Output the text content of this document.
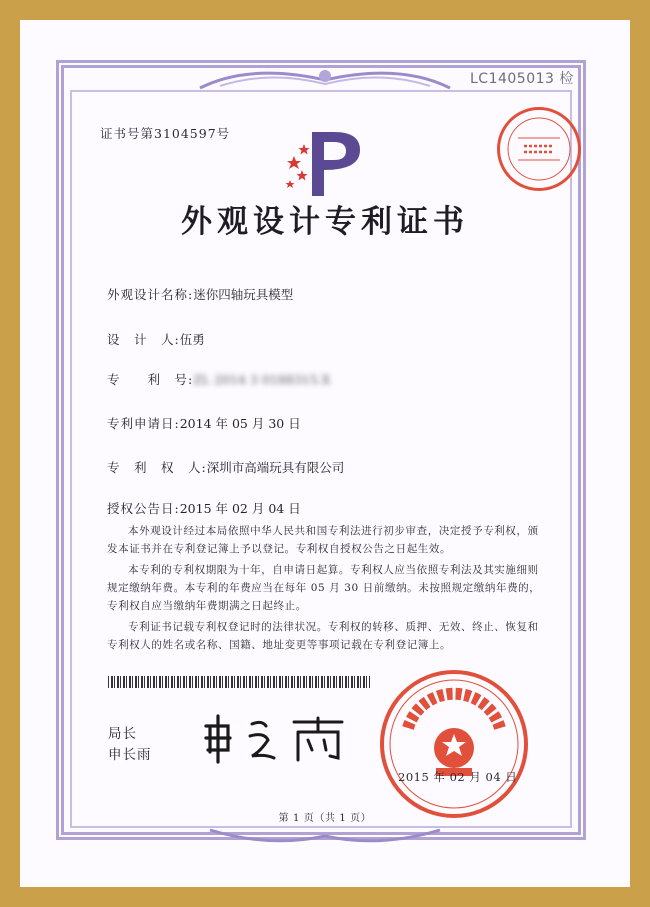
LC1405013 检
证书号第3104597号
外观设计专利证书
外观设计名称:迷你四轴玩具模型
设　计　人:伍勇
专　　利　号:ZL 2014 3 0188315.X
专利申请日:2014 年 05 月 30 日
专　利　权　人:深圳市高端玩具有限公司
授权公告日:2015 年 02 月 04 日
本外观设计经过本局依照中华人民共和国专利法进行初步审查，决定授予专利权，颁发本证书并在专利登记簿上予以登记。专利权自授权公告之日起生效。
本专利的专利权期限为十年，自申请日起算。专利权人应当依照专利法及其实施细则规定缴纳年费。本专利的年费应当在每年 05 月 30 日前缴纳。未按照规定缴纳年费的，专利权自应当缴纳年费期满之日起终止。
专利证书记载专利权登记时的法律状况。专利权的转移、质押、无效、终止、恢复和专利权人的姓名或名称、国籍、地址变更等事项记载在专利登记簿上。
局长
申长雨
2015 年 02 月 04 日
第 1 页（共 1 页）
